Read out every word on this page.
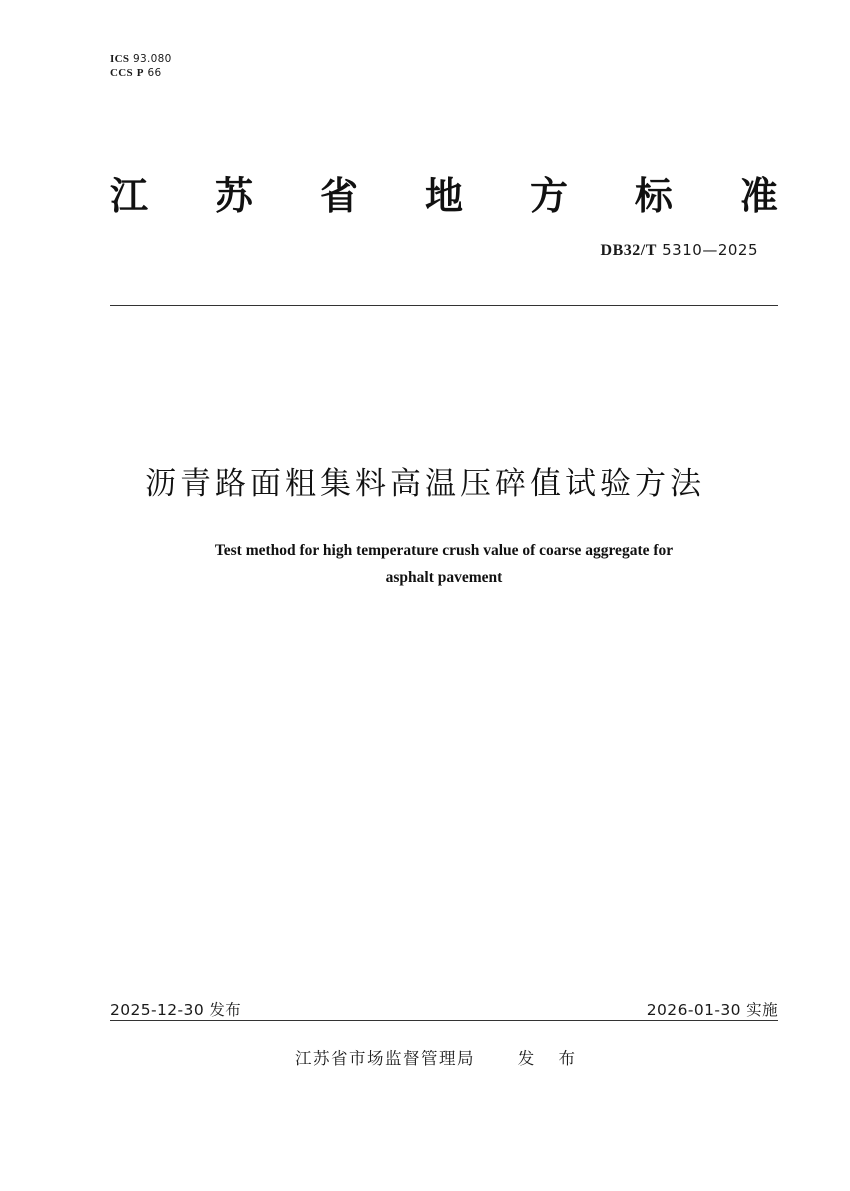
ICS 93.080
CCS P 66
江 苏 省 地 方 标 准
DB32/T 5310—2025
沥青路面粗集料高温压碎值试验方法
Test method for high temperature crush value of coarse aggregate for
asphalt pavement
2025-12-30 发布	2026-01-30 实施
江苏省市场监督管理局	发 布
